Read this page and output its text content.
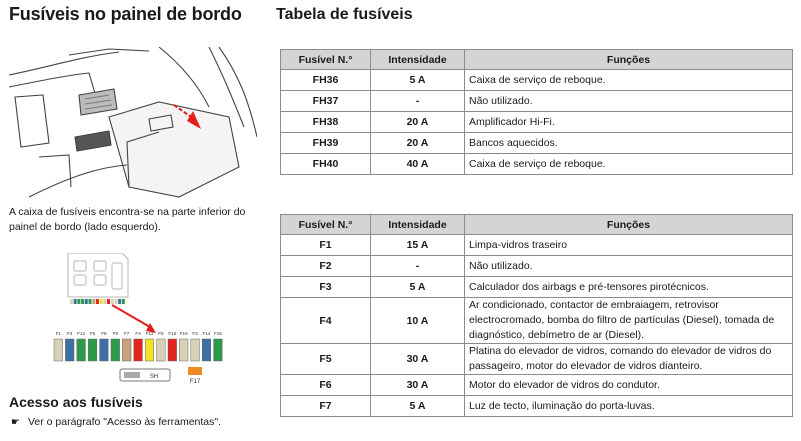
Fusíveis no painel de bordo
A caixa de fusíveis encontra-se na parte inferior do painel de bordo (lado esquerdo).
F1 F3 F12 F6 F8 F9 F7 F4 F11 F5 F10 F16 F2 F14 F15
SH
F17
Acesso aos fusíveis
☛ Ver o parágrafo "Acesso às ferramentas".
Tabela de fusíveis
Fusível N.°	Intensidade	Funções
FH36	5 A	Caixa de serviço de reboque.
FH37	-	Não utilizado.
FH38	20 A	Amplificador Hi-Fi.
FH39	20 A	Bancos aquecidos.
FH40	40 A	Caixa de serviço de reboque.
Fusível N.°	Intensidade	Funções
F1	15 A	Limpa-vidros traseiro
F2	-	Não utilizado.
F3	5 A	Calculador dos airbags e pré-tensores pirotécnicos.
F4	10 A	Ar condicionado, contactor de embraiagem, retrovisor electrocromado, bomba do filtro de partículas (Diesel), tomada de diagnóstico, debímetro de ar (Diesel).
F5	30 A	Platina do elevador de vidros, comando do elevador de vidros do passageiro, motor do elevador de vidros dianteiro.
F6	30 A	Motor do elevador de vidros do condutor.
F7	5 A	Luz de tecto, iluminação do porta-luvas.
